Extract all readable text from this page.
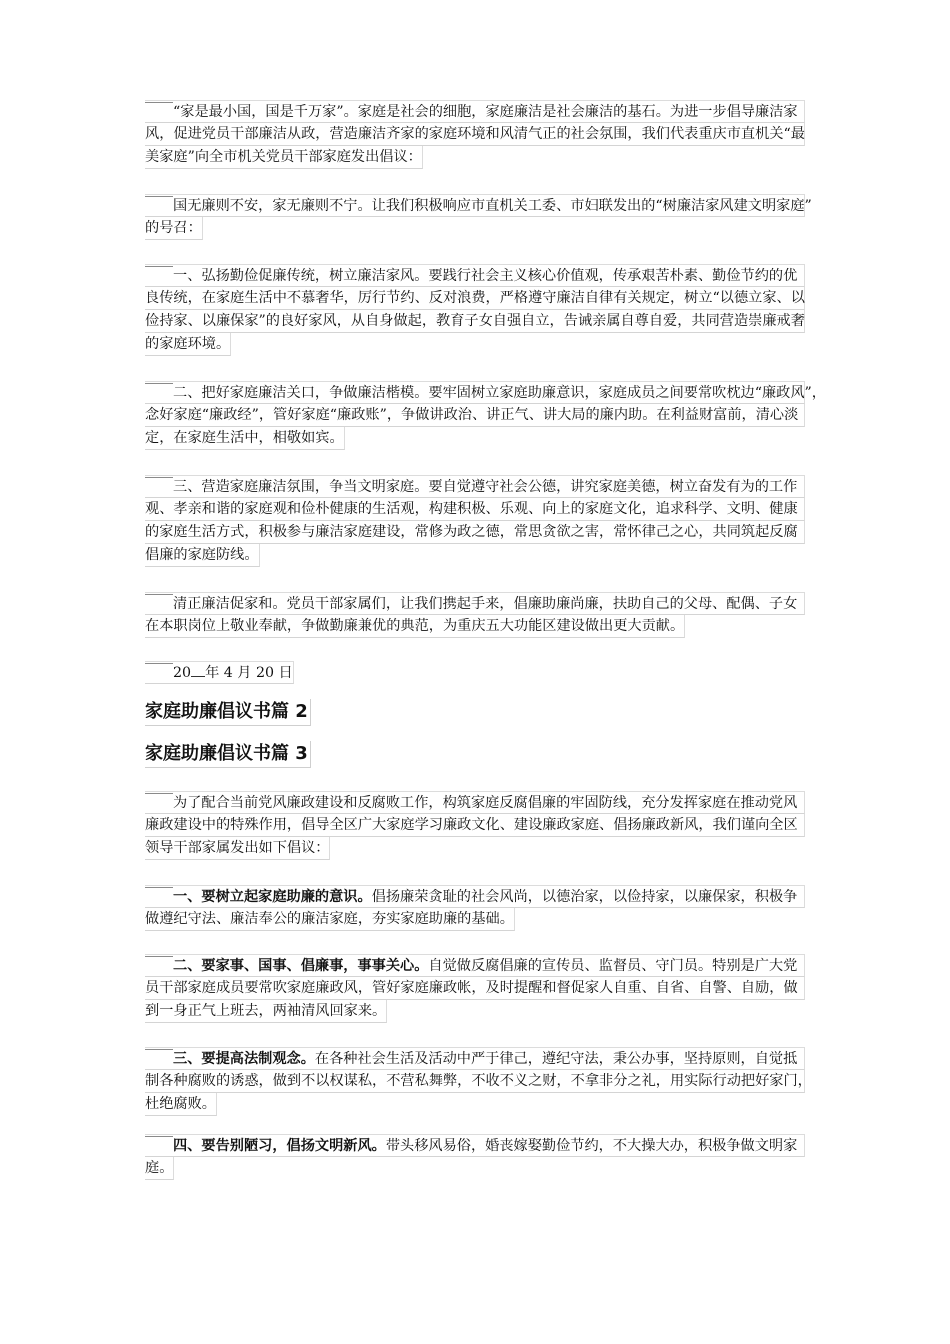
“家是最小国，国是千万家”。家庭是社会的细胞，家庭廉洁是社会廉洁的基石。为进一步倡导廉洁家
风，促进党员干部廉洁从政，营造廉洁齐家的家庭环境和风清气正的社会氛围，我们代表重庆市直机关“最
美家庭”向全市机关党员干部家庭发出倡议：
国无廉则不安，家无廉则不宁。让我们积极响应市直机关工委、市妇联发出的“树廉洁家风建文明家庭”
的号召：
一、弘扬勤俭促廉传统，树立廉洁家风。要践行社会主义核心价值观，传承艰苦朴素、勤俭节约的优
良传统，在家庭生活中不慕奢华，厉行节约、反对浪费，严格遵守廉洁自律有关规定，树立“以德立家、以
俭持家、以廉保家”的良好家风，从自身做起，教育子女自强自立，告诫亲属自尊自爱，共同营造崇廉戒奢
的家庭环境。
二、把好家庭廉洁关口，争做廉洁楷模。要牢固树立家庭助廉意识，家庭成员之间要常吹枕边“廉政风”，
念好家庭“廉政经”，管好家庭“廉政账”，争做讲政治、讲正气、讲大局的廉内助。在利益财富前，清心淡
定，在家庭生活中，相敬如宾。
三、营造家庭廉洁氛围，争当文明家庭。要自觉遵守社会公德，讲究家庭美德，树立奋发有为的工作
观、孝亲和谐的家庭观和俭朴健康的生活观，构建积极、乐观、向上的家庭文化，追求科学、文明、健康
的家庭生活方式，积极参与廉洁家庭建设，常修为政之德，常思贪欲之害，常怀律己之心，共同筑起反腐
倡廉的家庭防线。
清正廉洁促家和。党员干部家属们，让我们携起手来，倡廉助廉尚廉，扶助自己的父母、配偶、子女
在本职岗位上敬业奉献，争做勤廉兼优的典范，为重庆五大功能区建设做出更大贡献。
20 年 4 月 20 日
家庭助廉倡议书篇 2
家庭助廉倡议书篇 3
为了配合当前党风廉政建设和反腐败工作，构筑家庭反腐倡廉的牢固防线，充分发挥家庭在推动党风
廉政建设中的特殊作用，倡导全区广大家庭学习廉政文化、建设廉政家庭、倡扬廉政新风，我们谨向全区
领导干部家属发出如下倡议：
一、要树立起家庭助廉的意识。倡扬廉荣贪耻的社会风尚，以德治家，以俭持家，以廉保家，积极争
做遵纪守法、廉洁奉公的廉洁家庭，夯实家庭助廉的基础。
二、要家事、国事、倡廉事，事事关心。自觉做反腐倡廉的宣传员、监督员、守门员。特别是广大党
员干部家庭成员要常吹家庭廉政风，管好家庭廉政帐，及时提醒和督促家人自重、自省、自警、自励，做
到一身正气上班去，两袖清风回家来。
三、要提高法制观念。在各种社会生活及活动中严于律己，遵纪守法，秉公办事，坚持原则，自觉抵
制各种腐败的诱惑，做到不以权谋私，不营私舞弊，不收不义之财，不拿非分之礼，用实际行动把好家门，
杜绝腐败。
四、要告别陋习，倡扬文明新风。带头移风易俗，婚丧嫁娶勤俭节约，不大操大办，积极争做文明家
庭。
